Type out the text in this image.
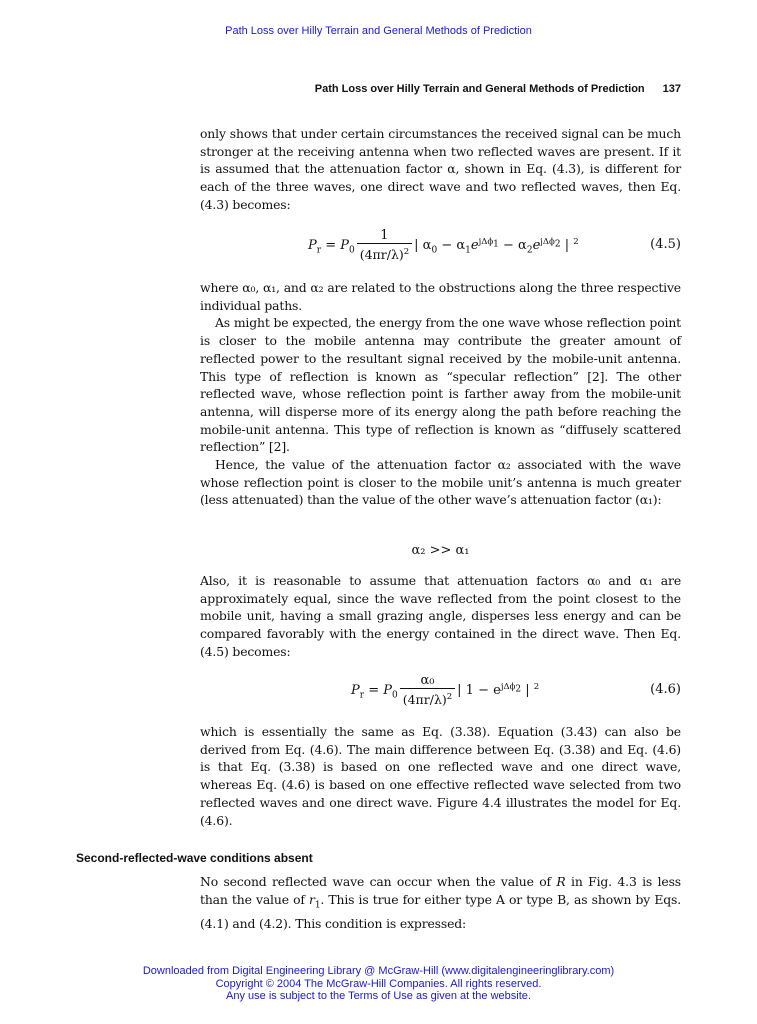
Path Loss over Hilly Terrain and General Methods of Prediction
Path Loss over Hilly Terrain and General Methods of Prediction 137

only shows that under certain circumstances the received signal can be much stronger at the receiving antenna when two reflected waves are present. If it is assumed that the attenuation factor α, shown in Eq. (4.3), is different for each of the three waves, one direct wave and two reflected waves, then Eq. (4.3) becomes:

$P_r = P_0 \frac{1}{(4\pi r/\lambda)^2}$ | $\alpha_0 - \alpha_1e^{j\Delta\phi_1} - \alpha_2e^{j\Delta\phi_2}$ | $^2$	(4.5)

where α₀, α₁, and α₂ are related to the obstructions along the three respective individual paths.

As might be expected, the energy from the one wave whose reflection point is closer to the mobile antenna may contribute the greater amount of reflected power to the resultant signal received by the mobile-unit antenna. This type of reflection is known as “specular reflection” [2]. The other reflected wave, whose reflection point is farther away from the mobile-unit antenna, will disperse more of its energy along the path before reaching the mobile-unit antenna. This type of reflection is known as “diffusely scattered reflection” [2].

Hence, the value of the attenuation factor α₂ associated with the wave whose reflection point is closer to the mobile unit’s antenna is much greater (less attenuated) than the value of the other wave’s attenuation factor (α₁):

α₂ >> α₁

Also, it is reasonable to assume that attenuation factors α₀ and α₁ are approximately equal, since the wave reflected from the point closest to the mobile unit, having a small grazing angle, disperses less energy and can be compared favorably with the energy contained in the direct wave. Then Eq. (4.5) becomes:

$P_r = P_0 \frac{\text{α₀}}{(4\pi r/\lambda)^2}$ | $1 - e^{j\Delta\phi_2}$ | $^2$	(4.6)

which is essentially the same as Eq. (3.38). Equation (3.43) can also be derived from Eq. (4.6). The main difference between Eq. (3.38) and Eq. (4.6) is that Eq. (3.38) is based on one reflected wave and one direct wave, whereas Eq. (4.6) is based on one effective reflected wave selected from two reflected waves and one direct wave. Figure 4.4 illustrates the model for Eq. (4.6).

Second-reflected-wave conditions absent

No second reflected wave can occur when the value of R in Fig. 4.3 is less than the value of $r_1$. This is true for either type A or type B, as shown by Eqs. (4.1) and (4.2). This condition is expressed:

Downloaded from Digital Engineering Library @ McGraw-Hill (www.digitalengineeringlibrary.com)
Copyright © 2004 The McGraw-Hill Companies. All rights reserved.
Any use is subject to the Terms of Use as given at the website.
